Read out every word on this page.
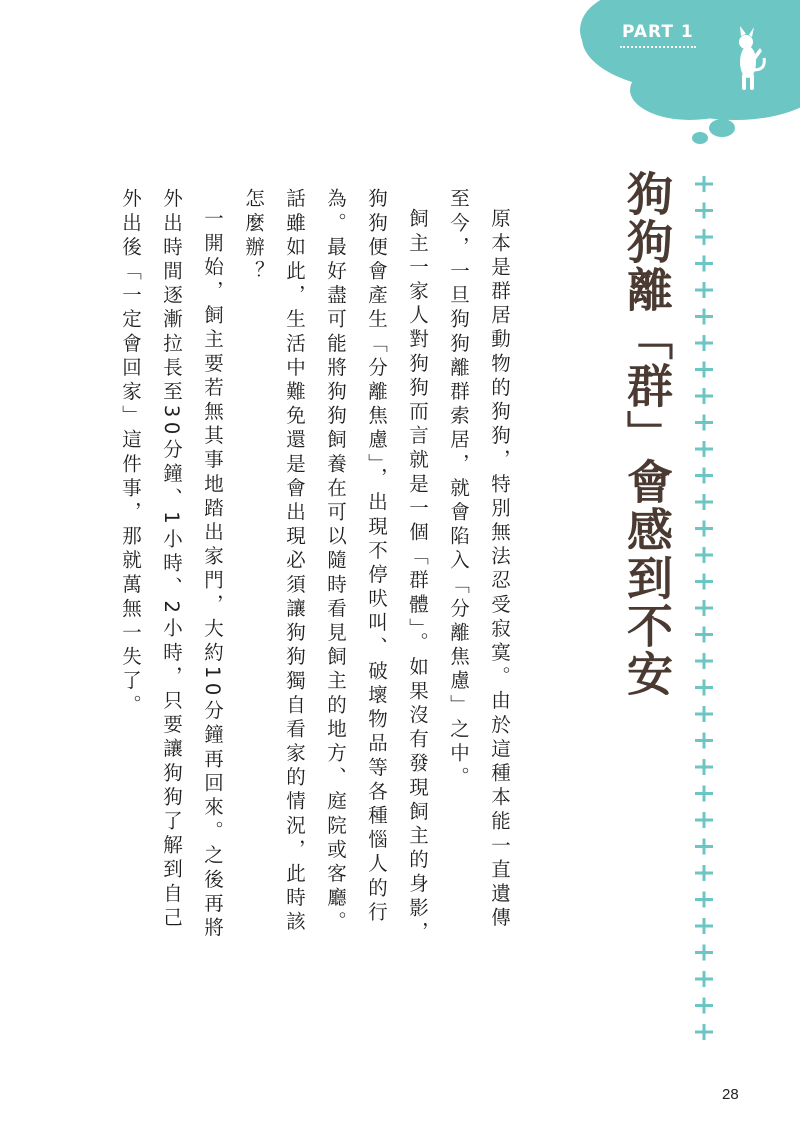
PART 1
狗狗離「群」會感到不安

原本是群居動物的狗狗，特別無法忍受寂寞。由於這種本能一直遺傳至今，一旦狗狗離群索居，就會陷入「分離焦慮」之中。

飼主一家人對狗狗而言就是一個「群體」。如果沒有發現飼主的身影，狗狗便會產生「分離焦慮」，出現不停吠叫、破壞物品等各種惱人的行為。最好盡可能將狗狗飼養在可以隨時看見飼主的地方、庭院或客廳。話雖如此，生活中難免還是會出現必須讓狗狗獨自看家的情況，此時該怎麼辦？

一開始，飼主要若無其事地踏出家門，大約10分鐘再回來。之後再將外出時間逐漸拉長至30分鐘、1小時、2小時，只要讓狗狗了解到自己外出後「一定會回家」這件事，那就萬無一失了。

28
